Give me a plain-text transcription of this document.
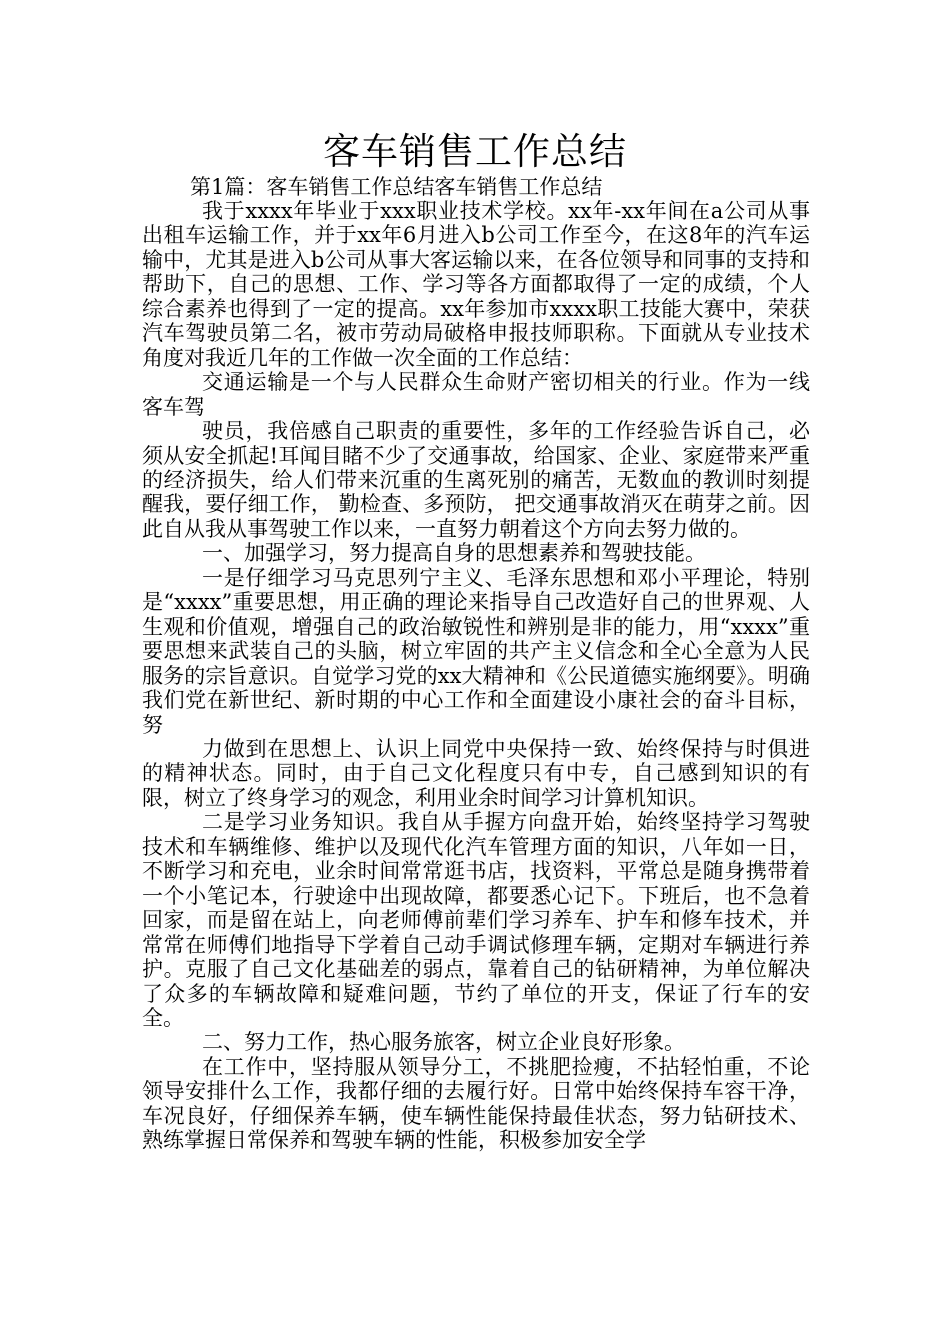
客车销售工作总结
第1篇：客车销售工作总结客车销售工作总结

我于xxxx年毕业于xxx职业技术学校。xx年-xx年间在a公司从事出租车运输工作，并于xx年6月进入b公司工作至今，在这8年的汽车运输中，尤其是进入b公司从事大客运输以来，在各位领导和同事的支持和帮助下，自己的思想、工作、学习等各方面都取得了一定的成绩，个人综合素养也得到了一定的提高。xx年参加市xxxx职工技能大赛中，荣获汽车驾驶员第二名，被市劳动局破格申报技师职称。下面就从专业技术角度对我近几年的工作做一次全面的工作总结：

交通运输是一个与人民群众生命财产密切相关的行业。作为一线客车驾

驶员，我倍感自己职责的重要性，多年的工作经验告诉自己，必须从安全抓起!耳闻目睹不少了交通事故，给国家、企业、家庭带来严重的经济损失，给人们带来沉重的生离死别的痛苦，无数血的教训时刻提醒我，要仔细工作， 勤检查、多预防， 把交通事故消灭在萌芽之前。因此自从我从事驾驶工作以来，一直努力朝着这个方向去努力做的。

一、加强学习，努力提高自身的思想素养和驾驶技能。

一是仔细学习马克思列宁主义、毛泽东思想和邓小平理论，特别是“xxxx”重要思想，用正确的理论来指导自己改造好自己的世界观、人生观和价值观，增强自己的政治敏锐性和辨别是非的能力，用“xxxx”重要思想来武装自己的头脑，树立牢固的共产主义信念和全心全意为人民服务的宗旨意识。自觉学习党的xx大精神和《公民道德实施纲要》。明确我们党在新世纪、新时期的中心工作和全面建设小康社会的奋斗目标，努

力做到在思想上、认识上同党中央保持一致、始终保持与时俱进的精神状态。同时，由于自己文化程度只有中专，自己感到知识的有限，树立了终身学习的观念，利用业余时间学习计算机知识。

二是学习业务知识。我自从手握方向盘开始，始终坚持学习驾驶技术和车辆维修、维护以及现代化汽车管理方面的知识，八年如一日，不断学习和充电，业余时间常常逛书店，找资料，平常总是随身携带着一个小笔记本，行驶途中出现故障，都要悉心记下。下班后，也不急着回家，而是留在站上，向老师傅前辈们学习养车、护车和修车技术，并常常在师傅们地指导下学着自己动手调试修理车辆，定期对车辆进行养护。克服了自己文化基础差的弱点，靠着自己的钻研精神，为单位解决了众多的车辆故障和疑难问题，节约了单位的开支，保证了行车的安全。

二、努力工作，热心服务旅客，树立企业良好形象。

在工作中，坚持服从领导分工，不挑肥捡瘦，不拈轻怕重，不论领导安排什么工作，我都仔细的去履行好。日常中始终保持车容干净，车况良好，仔细保养车辆，使车辆性能保持最佳状态，努力钻研技术、熟练掌握日常保养和驾驶车辆的性能，积极参加安全学
